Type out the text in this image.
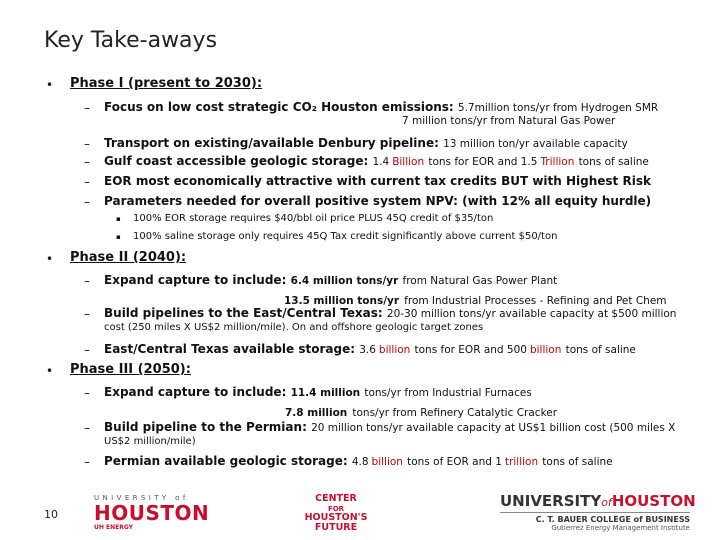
Key Take-aways
• Phase I (present to 2030):
– Focus on low cost strategic CO₂ Houston emissions: 5.7million tons/yr from Hydrogen SMR
7 million tons/yr from Natural Gas Power
– Transport on existing/available Denbury pipeline: 13 million ton/yr available capacity
– Gulf coast accessible geologic storage: 1.4 Billion tons for EOR and 1.5 Trillion tons of saline
– EOR most economically attractive with current tax credits BUT with Highest Risk
– Parameters needed for overall positive system NPV: (with 12% all equity hurdle)
▪ 100% EOR storage requires $40/bbl oil price PLUS 45Q credit of $35/ton
▪ 100% saline storage only requires 45Q Tax credit significantly above current $50/ton
• Phase II (2040):
– Expand capture to include: 6.4 million tons/yr from Natural Gas Power Plant
13.5 million tons/yr from Industrial Processes - Refining and Pet Chem
– Build pipelines to the East/Central Texas: 20-30 million tons/yr available capacity at $500 million
cost (250 miles X US$2 million/mile). On and offshore geologic target zones
– East/Central Texas available storage: 3.6 billion tons for EOR and 500 billion tons of saline
• Phase III (2050):
– Expand capture to include: 11.4 million tons/yr from Industrial Furnaces
7.8 million tons/yr from Refinery Catalytic Cracker
– Build pipeline to the Permian: 20 million tons/yr available capacity at US$1 billion cost (500 miles X
US$2 million/mile)
– Permian available geologic storage: 4.8 billion tons of EOR and 1 trillion tons of saline
10
UNIVERSITY of
HOUSTON
UH ENERGY
CENTER
FOR
HOUSTON'S
FUTURE
UNIVERSITYofHOUSTON
C. T. BAUER COLLEGE of BUSINESS
Gutierrez Energy Management Institute
